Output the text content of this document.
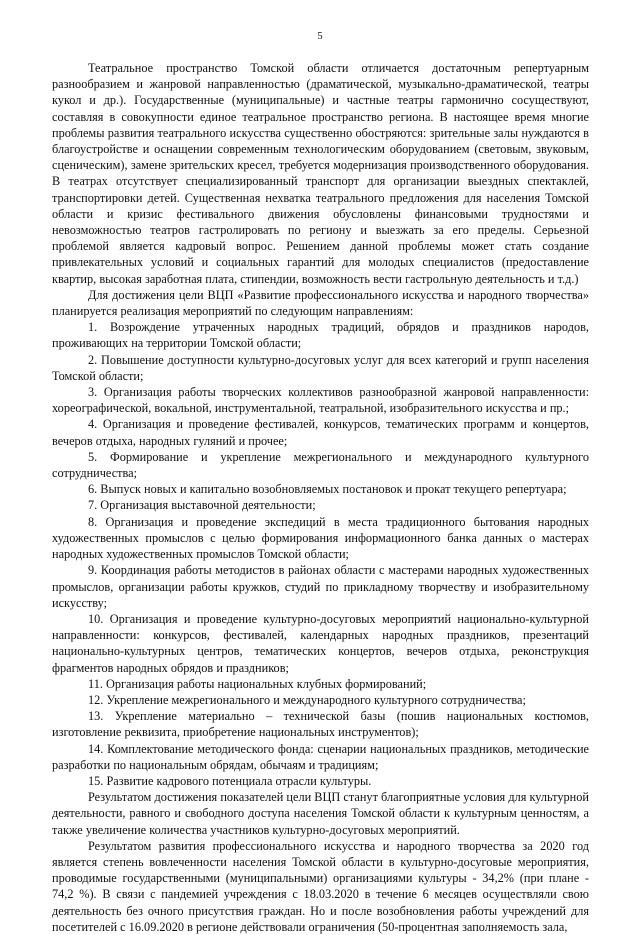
5

Театральное пространство Томской области отличается достаточным репертуарным разнообразием и жанровой направленностью (драматической, музыкально-драматической, театры кукол и др.). Государственные (муниципальные) и частные театры гармонично сосуществуют, составляя в совокупности единое театральное пространство региона. В настоящее время многие проблемы развития театрального искусства существенно обостряются: зрительные залы нуждаются в благоустройстве и оснащении современным технологическим оборудованием (световым, звуковым, сценическим), замене зрительских кресел, требуется модернизация производственного оборудования. В театрах отсутствует специализированный транспорт для организации выездных спектаклей, транспортировки детей. Существенная нехватка театрального предложения для населения Томской области и кризис фестивального движения обусловлены финансовыми трудностями и невозможностью театров гастролировать по региону и выезжать за его пределы. Серьезной проблемой является кадровый вопрос. Решением данной проблемы может стать создание привлекательных условий и социальных гарантий для молодых специалистов (предоставление квартир, высокая заработная плата, стипендии, возможность вести гастрольную деятельность и т.д.)

Для достижения цели ВЦП «Развитие профессионального искусства и народного творчества» планируется реализация мероприятий по следующим направлениям:

1. Возрождение утраченных народных традиций, обрядов и праздников народов, проживающих на территории Томской области;

2. Повышение доступности культурно-досуговых услуг для всех категорий и групп населения Томской области;

3. Организация работы творческих коллективов разнообразной жанровой направленности: хореографической, вокальной, инструментальной, театральной, изобразительного искусства и пр.;

4. Организация и проведение фестивалей, конкурсов, тематических программ и концертов, вечеров отдыха, народных гуляний и прочее;

5. Формирование и укрепление межрегионального и международного культурного сотрудничества;

6. Выпуск новых и капитально возобновляемых постановок и прокат текущего репертуара;

7. Организация выставочной деятельности;

8. Организация и проведение экспедиций в места традиционного бытования народных художественных промыслов с целью формирования информационного банка данных о мастерах народных художественных промыслов Томской области;

9. Координация работы методистов в районах области с мастерами народных художественных промыслов, организации работы кружков, студий по прикладному творчеству и изобразительному искусству;

10. Организация и проведение культурно-досуговых мероприятий национально-культурной направленности: конкурсов, фестивалей, календарных народных праздников, презентаций национально-культурных центров, тематических концертов, вечеров отдыха, реконструкция фрагментов народных обрядов и праздников;

11. Организация работы национальных клубных формирований;

12. Укрепление межрегионального и международного культурного сотрудничества;

13. Укрепление материально – технической базы (пошив национальных костюмов, изготовление реквизита, приобретение национальных инструментов);

14. Комплектование методического фонда: сценарии национальных праздников, методические разработки по национальным обрядам, обычаям и традициям;

15. Развитие кадрового потенциала отрасли культуры.

Результатом достижения показателей цели ВЦП станут благоприятные условия для культурной деятельности, равного и свободного доступа населения Томской области к культурным ценностям, а также увеличение количества участников культурно-досуговых мероприятий.

Результатом развития профессионального искусства и народного творчества за 2020 год является степень вовлеченности населения Томской области в культурно-досуговые мероприятия, проводимые государственными (муниципальными) организациями культуры - 34,2% (при плане - 74,2 %). В связи с пандемией учреждения с 18.03.2020 в течение 6 месяцев осуществляли свою деятельность без очного присутствия граждан. Но и после возобновления работы учреждений для посетителей с 16.09.2020 в регионе действовали ограничения (50-процентная заполняемость зала,
